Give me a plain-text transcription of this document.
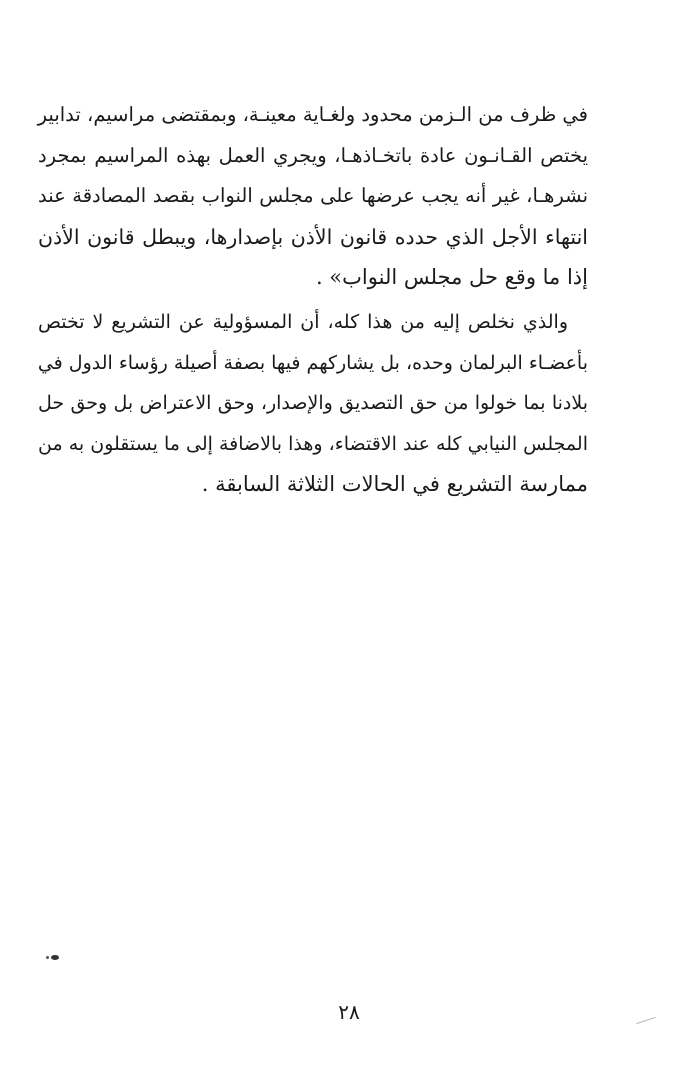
في ظرف من الـزمن محدود ولغـاية معينـة، وبمقتضى مراسيم، تدابير
يختص القـانـون عادة باتخـاذهـا، ويجري العمل بهذه المراسيم بمجرد
نشرهـا، غير أنه يجب عرضها على مجلس النواب بقصد المصادقة عند
انتهاء الأجل الذي حدده قانون الأذن بإصدارها، ويبطل قانون الأذن
إذا ما وقع حل مجلس النواب» .
والذي نخلص إليه من هذا كله، أن المسؤولية عن التشريع لا تختص
بأعضـاء البرلمان وحده، بل يشاركهم فيها بصفة أصيلة رؤساء الدول في
بلادنا بما خولوا من حق التصديق والإصدار، وحق الاعتراض بل وحق حل
المجلس النيابي كله عند الاقتضاء، وهذا بالاضافة إلى ما يستقلون به من
ممارسة التشريع في الحالات الثلاثة السابقة .
٢٨
